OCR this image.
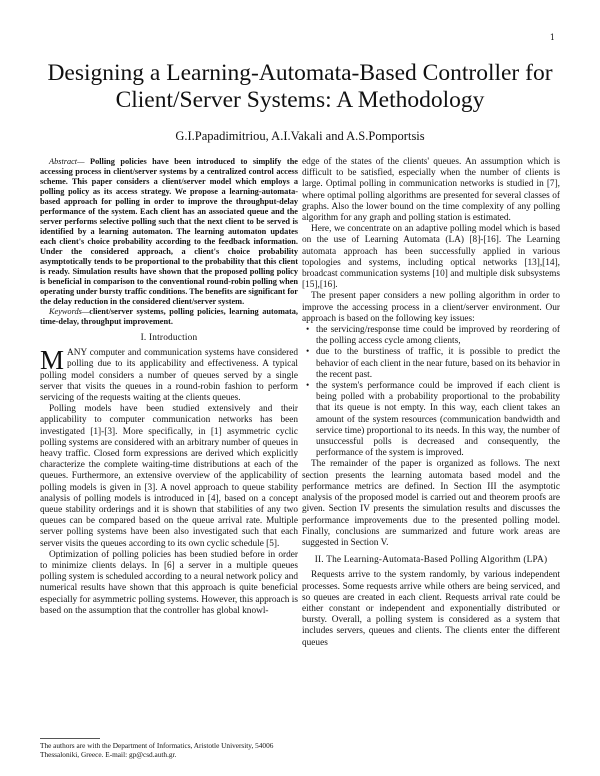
1
Designing a Learning-Automata-Based Controller for Client/Server Systems: A Methodology
G.I.Papadimitriou, A.I.Vakali and A.S.Pomportsis

Abstract— Polling policies have been introduced to simplify the accessing process in client/server systems by a centralized control access scheme. This paper considers a client/server model which employs a polling policy as its access strategy. We propose a learning-automata-based approach for polling in order to improve the throughput-delay performance of the system. Each client has an associated queue and the server performs selective polling such that the next client to be served is identified by a learning automaton. The learning automaton updates each client's choice probability according to the feedback information. Under the considered approach, a client's choice probability asymptotically tends to be proportional to the probability that this client is ready. Simulation results have shown that the proposed polling policy is beneficial in comparison to the conventional round-robin polling when operating under bursty traffic conditions. The benefits are significant for the delay reduction in the considered client/server system.

Keywords—client/server systems, polling policies, learning automata, time-delay, throughput improvement.

I. Introduction

MANY computer and communication systems have considered polling due to its applicability and effectiveness. A typical polling model considers a number of queues served by a single server that visits the queues in a round-robin fashion to perform servicing of the requests waiting at the clients queues.

Polling models have been studied extensively and their applicability to computer communication networks has been investigated [1]-[3]. More specifically, in [1] asymmetric cyclic polling systems are considered with an arbitrary number of queues in heavy traffic. Closed form expressions are derived which explicitly characterize the complete waiting-time distributions at each of the queues. Furthermore, an extensive overview of the applicability of polling models is given in [3]. A novel approach to queue stability analysis of polling models is introduced in [4], based on a concept queue stability orderings and it is shown that stabilities of any two queues can be compared based on the queue arrival rate. Multiple server polling systems have been also investigated such that each server visits the queues according to its own cyclic schedule [5].

Optimization of polling policies has been studied before in order to minimize clients delays. In [6] a server in a multiple queues polling system is scheduled according to a neural network policy and numerical results have shown that this approach is quite beneficial especially for asymmetric polling systems. However, this approach is based on the assumption that the controller has global knowl-

edge of the states of the clients' queues. An assumption which is difficult to be satisfied, especially when the number of clients is large. Optimal polling in communication networks is studied in [7], where optimal polling algorithms are presented for several classes of graphs. Also the lower bound on the time complexity of any polling algorithm for any graph and polling station is estimated.

Here, we concentrate on an adaptive polling model which is based on the use of Learning Automata (LA) [8]-[16]. The Learning automata approach has been successfully applied in various topologies and systems, including optical networks [13],[14], broadcast communication systems [10] and multiple disk subsystems [15],[16].

The present paper considers a new polling algorithm in order to improve the accessing process in a client/server environment. Our approach is based on the following key issues:

• the servicing/response time could be improved by reordering of the polling access cycle among clients,
• due to the burstiness of traffic, it is possible to predict the behavior of each client in the near future, based on its behavior in the recent past.
• the system's performance could be improved if each client is being polled with a probability proportional to the probability that its queue is not empty. In this way, each client takes an amount of the system resources (communication bandwidth and service time) proportional to its needs. In this way, the number of unsuccessful polls is decreased and consequently, the performance of the system is improved.

The remainder of the paper is organized as follows. The next section presents the learning automata based model and the performance metrics are defined. In Section III the asymptotic analysis of the proposed model is carried out and theorem proofs are given. Section IV presents the simulation results and discusses the performance improvements due to the presented polling model. Finally, conclusions are summarized and future work areas are suggested in Section V.

II. The Learning-Automata-Based Polling Algorithm (LPA)

Requests arrive to the system randomly, by various independent processes. Some requests arrive while others are being serviced, and so queues are created in each client. Requests arrival rate could be either constant or independent and exponentially distributed or bursty. Overall, a polling system is considered as a system that includes servers, queues and clients. The clients enter the different queues

The authors are with the Department of Informatics, Aristotle University, 54006 Thessaloniki, Greece. E-mail: gp@csd.auth.gr.
